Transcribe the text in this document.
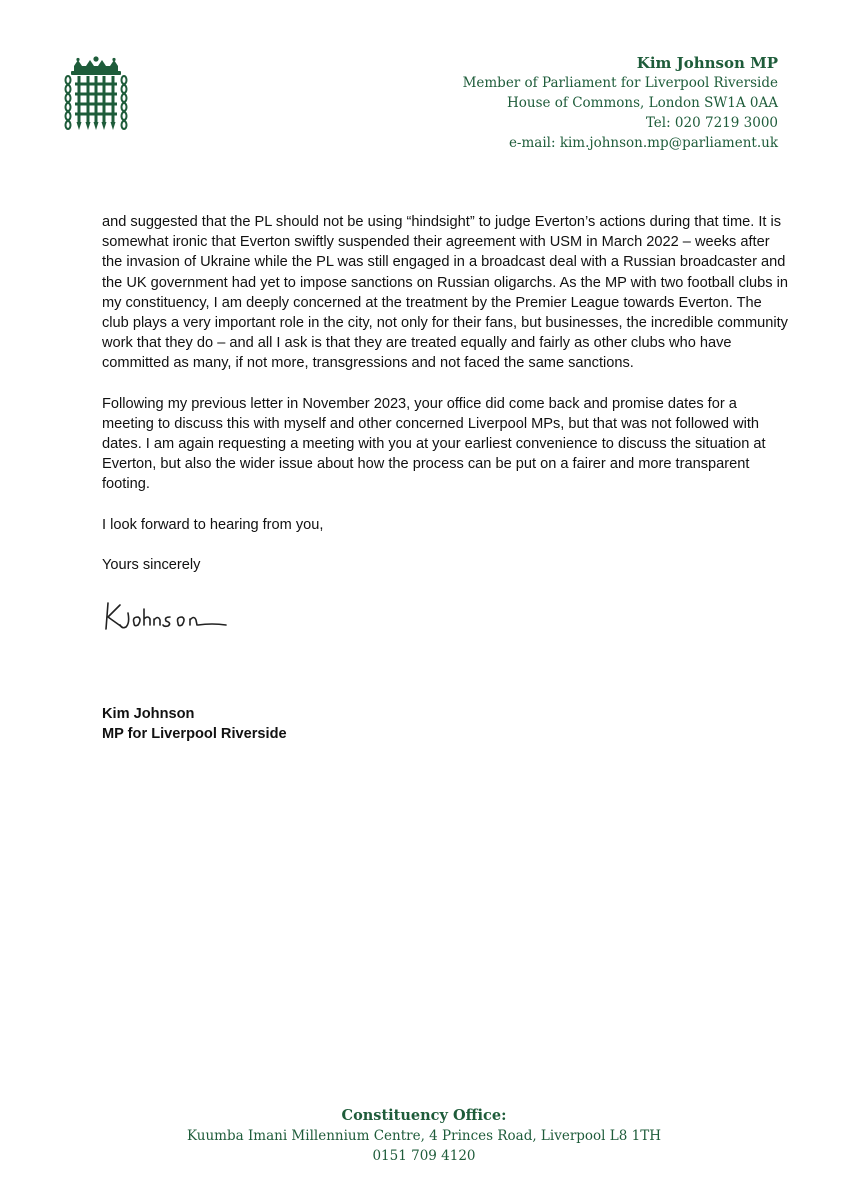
Kim Johnson MP
Member of Parliament for Liverpool Riverside
House of Commons, London SW1A 0AA
Tel: 020 7219 3000
e-mail: kim.johnson.mp@parliament.uk

and suggested that the PL should not be using “hindsight” to judge Everton’s actions during that time. It is somewhat ironic that Everton swiftly suspended their agreement with USM in March 2022 – weeks after the invasion of Ukraine while the PL was still engaged in a broadcast deal with a Russian broadcaster and the UK government had yet to impose sanctions on Russian oligarchs. As the MP with two football clubs in my constituency, I am deeply concerned at the treatment by the Premier League towards Everton. The club plays a very important role in the city, not only for their fans, but businesses, the incredible community work that they do – and all I ask is that they are treated equally and fairly as other clubs who have committed as many, if not more, transgressions and not faced the same sanctions.

Following my previous letter in November 2023, your office did come back and promise dates for a meeting to discuss this with myself and other concerned Liverpool MPs, but that was not followed with dates. I am again requesting a meeting with you at your earliest convenience to discuss the situation at Everton, but also the wider issue about how the process can be put on a fairer and more transparent footing.

I look forward to hearing from you,

Yours sincerely

Kim Johnson
MP for Liverpool Riverside
Constituency Office:
Kuumba Imani Millennium Centre, 4 Princes Road, Liverpool L8 1TH
0151 709 4120
